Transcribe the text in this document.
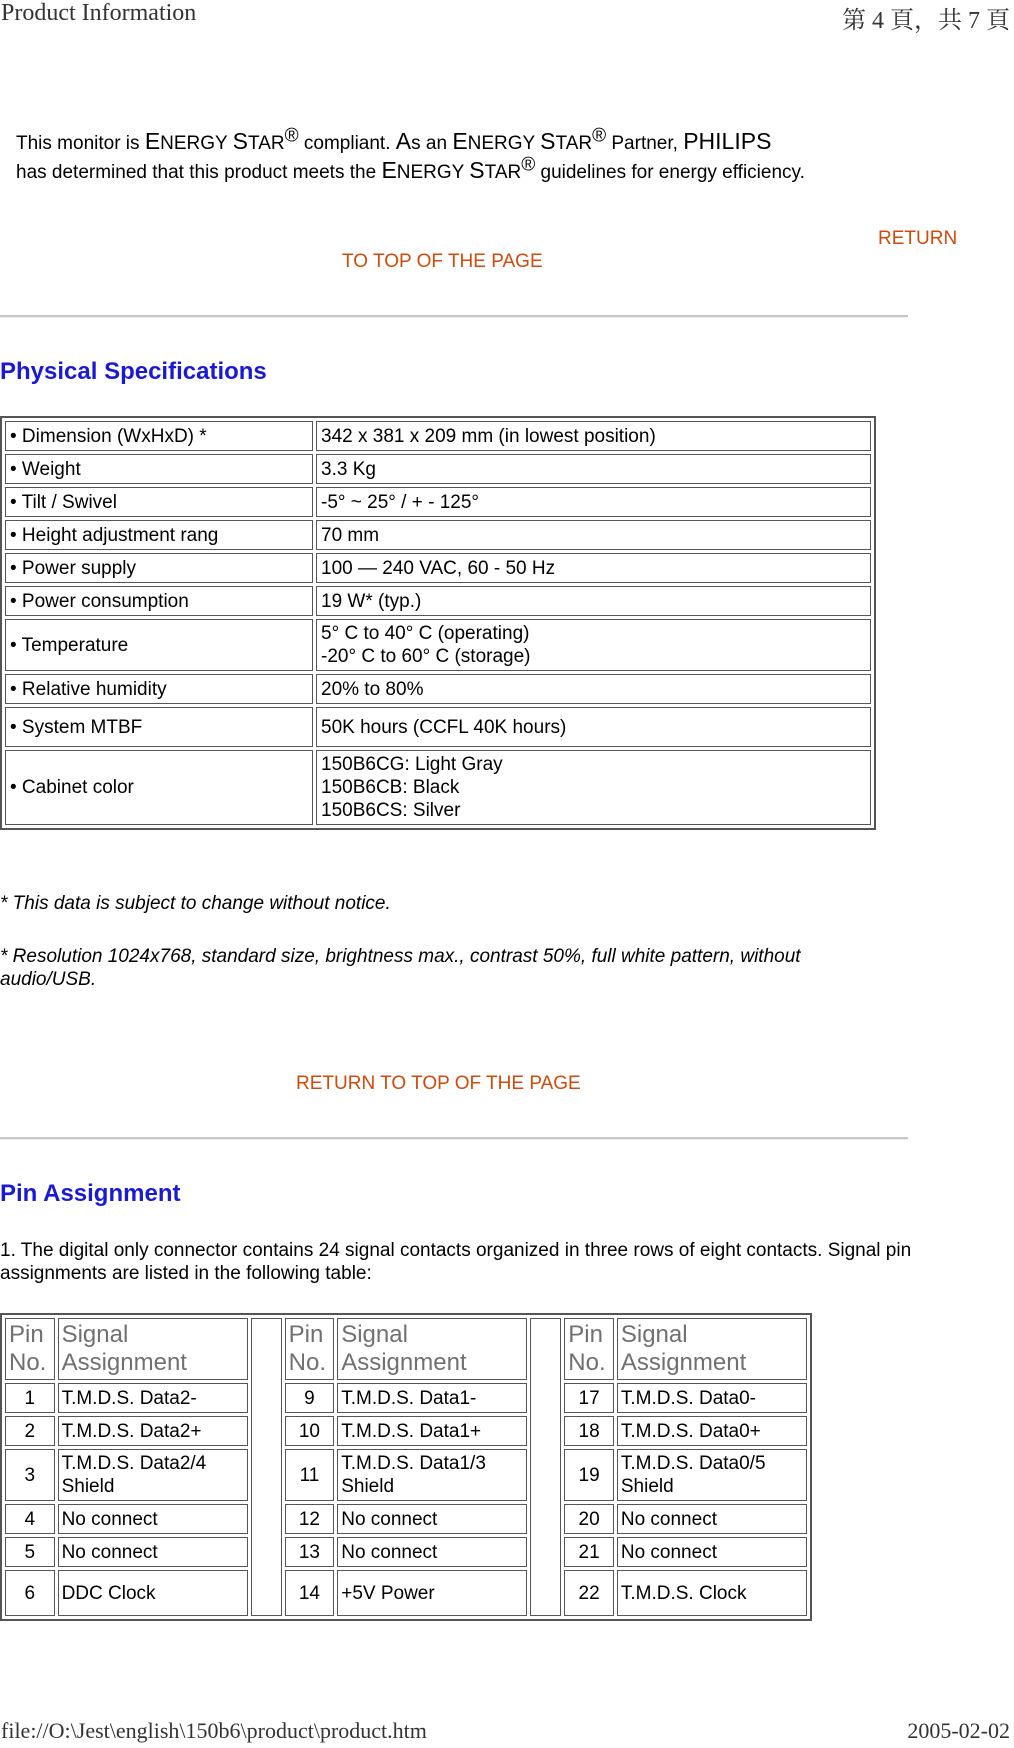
Product Information	第 4 頁，共 7 頁
This monitor is ENERGY STAR® compliant. As an ENERGY STAR® Partner, PHILIPS
has determined that this product meets the ENERGY STAR® guidelines for energy efficiency.
RETURN
TO TOP OF THE PAGE
Physical Specifications
• Dimension (WxHxD) *	342 x 381 x 209 mm (in lowest position)

• Weight	3.3 Kg

• Tilt / Swivel	-5° ~ 25° / + - 125°

• Height adjustment rang	70 mm

• Power supply	100 — 240 VAC, 60 - 50 Hz

• Power consumption	19 W* (typ.)

• Temperature	5° C to 40° C (operating)
-20° C to 60° C (storage)

• Relative humidity	20% to 80%

• System MTBF	50K hours (CCFL 40K hours)

• Cabinet color	150B6CG: Light Gray
150B6CB: Black
150B6CS: Silver
* This data is subject to change without notice.
* Resolution 1024x768, standard size, brightness max., contrast 50%, full white pattern, without audio/USB.
RETURN TO TOP OF THE PAGE
Pin Assignment
1. The digital only connector contains 24 signal contacts organized in three rows of eight contacts. Signal pin assignments are listed in the following table:
Pin No.	Signal Assignment		Pin No.	Signal Assignment		Pin No.	Signal Assignment
1	T.M.D.S. Data2-		9	T.M.D.S. Data1-		17	T.M.D.S. Data0-
2	T.M.D.S. Data2+		10	T.M.D.S. Data1+		18	T.M.D.S. Data0+
3	T.M.D.S. Data2/4 Shield		11	T.M.D.S. Data1/3 Shield		19	T.M.D.S. Data0/5 Shield
4	No connect		12	No connect		20	No connect
5	No connect		13	No connect		21	No connect
6	DDC Clock		14	+5V Power		22	T.M.D.S. Clock
file://O:\Jest\english\150b6\product\product.htm	2005-02-02
